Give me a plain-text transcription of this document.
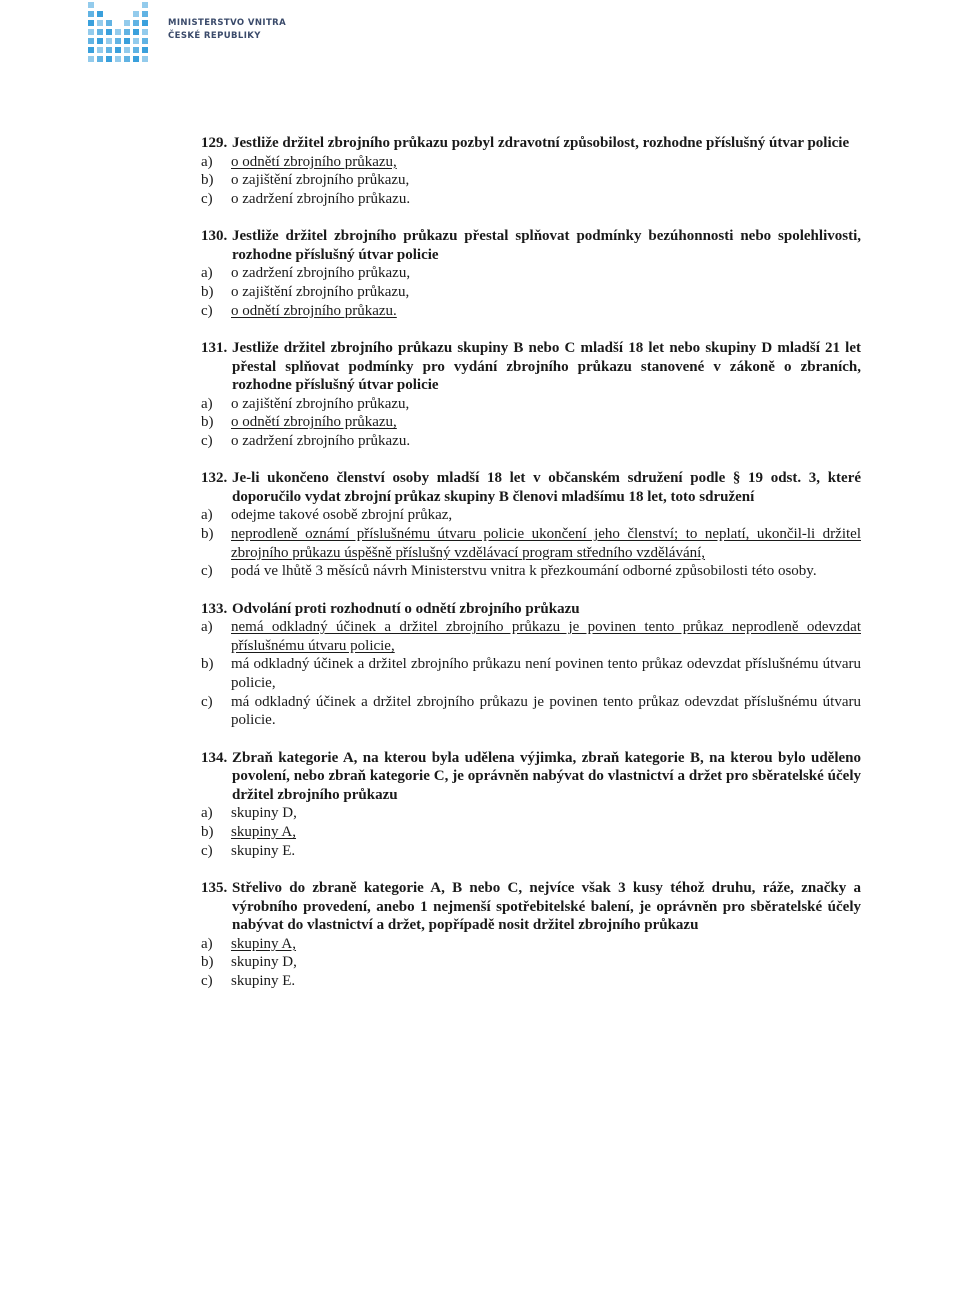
MINISTERSTVO VNITRA
ČESKÉ REPUBLIKY
129. Jestliže držitel zbrojního průkazu pozbyl zdravotní způsobilost, rozhodne příslušný útvar policie
a)	o odnětí zbrojního průkazu,
b)	o zajištění zbrojního průkazu,
c)	o zadržení zbrojního průkazu.
130. Jestliže držitel zbrojního průkazu přestal splňovat podmínky bezúhonnosti nebo spolehlivosti, rozhodne příslušný útvar policie
a)	o zadržení zbrojního průkazu,
b)	o zajištění zbrojního průkazu,
c)	o odnětí zbrojního průkazu.
131. Jestliže držitel zbrojního průkazu skupiny B nebo C mladší 18 let nebo skupiny D mladší 21 let přestal splňovat podmínky pro vydání zbrojního průkazu stanovené v zákoně o zbraních, rozhodne příslušný útvar policie
a)	o zajištění zbrojního průkazu,
b)	o odnětí zbrojního průkazu,
c)	o zadržení zbrojního průkazu.
132. Je-li ukončeno členství osoby mladší 18 let v občanském sdružení podle § 19 odst. 3, které doporučilo vydat zbrojní průkaz skupiny B členovi mladšímu 18 let, toto sdružení
a)	odejme takové osobě zbrojní průkaz,
b)	neprodleně oznámí příslušnému útvaru policie ukončení jeho členství; to neplatí, ukončil-li držitel zbrojního průkazu úspěšně příslušný vzdělávací program středního vzdělávání,
c)	podá ve lhůtě 3 měsíců návrh Ministerstvu vnitra k přezkoumání odborné způsobilosti této osoby.
133. Odvolání proti rozhodnutí o odnětí zbrojního průkazu
a)	nemá odkladný účinek a držitel zbrojního průkazu je povinen tento průkaz neprodleně odevzdat příslušnému útvaru policie,
b)	má odkladný účinek a držitel zbrojního průkazu není povinen tento průkaz odevzdat příslušnému útvaru policie,
c)	má odkladný účinek a držitel zbrojního průkazu je povinen tento průkaz odevzdat příslušnému útvaru policie.
134. Zbraň kategorie A, na kterou byla udělena výjimka, zbraň kategorie B, na kterou bylo uděleno povolení, nebo zbraň kategorie C, je oprávněn nabývat do vlastnictví a držet pro sběratelské účely držitel zbrojního průkazu
a)	skupiny D,
b)	skupiny A,
c)	skupiny E.
135. Střelivo do zbraně kategorie A, B nebo C, nejvíce však 3 kusy téhož druhu, ráže, značky a výrobního provedení, anebo 1 nejmenší spotřebitelské balení, je oprávněn pro sběratelské účely nabývat do vlastnictví a držet, popřípadě nosit držitel zbrojního průkazu
a)	skupiny A,
b)	skupiny D,
c)	skupiny E.
